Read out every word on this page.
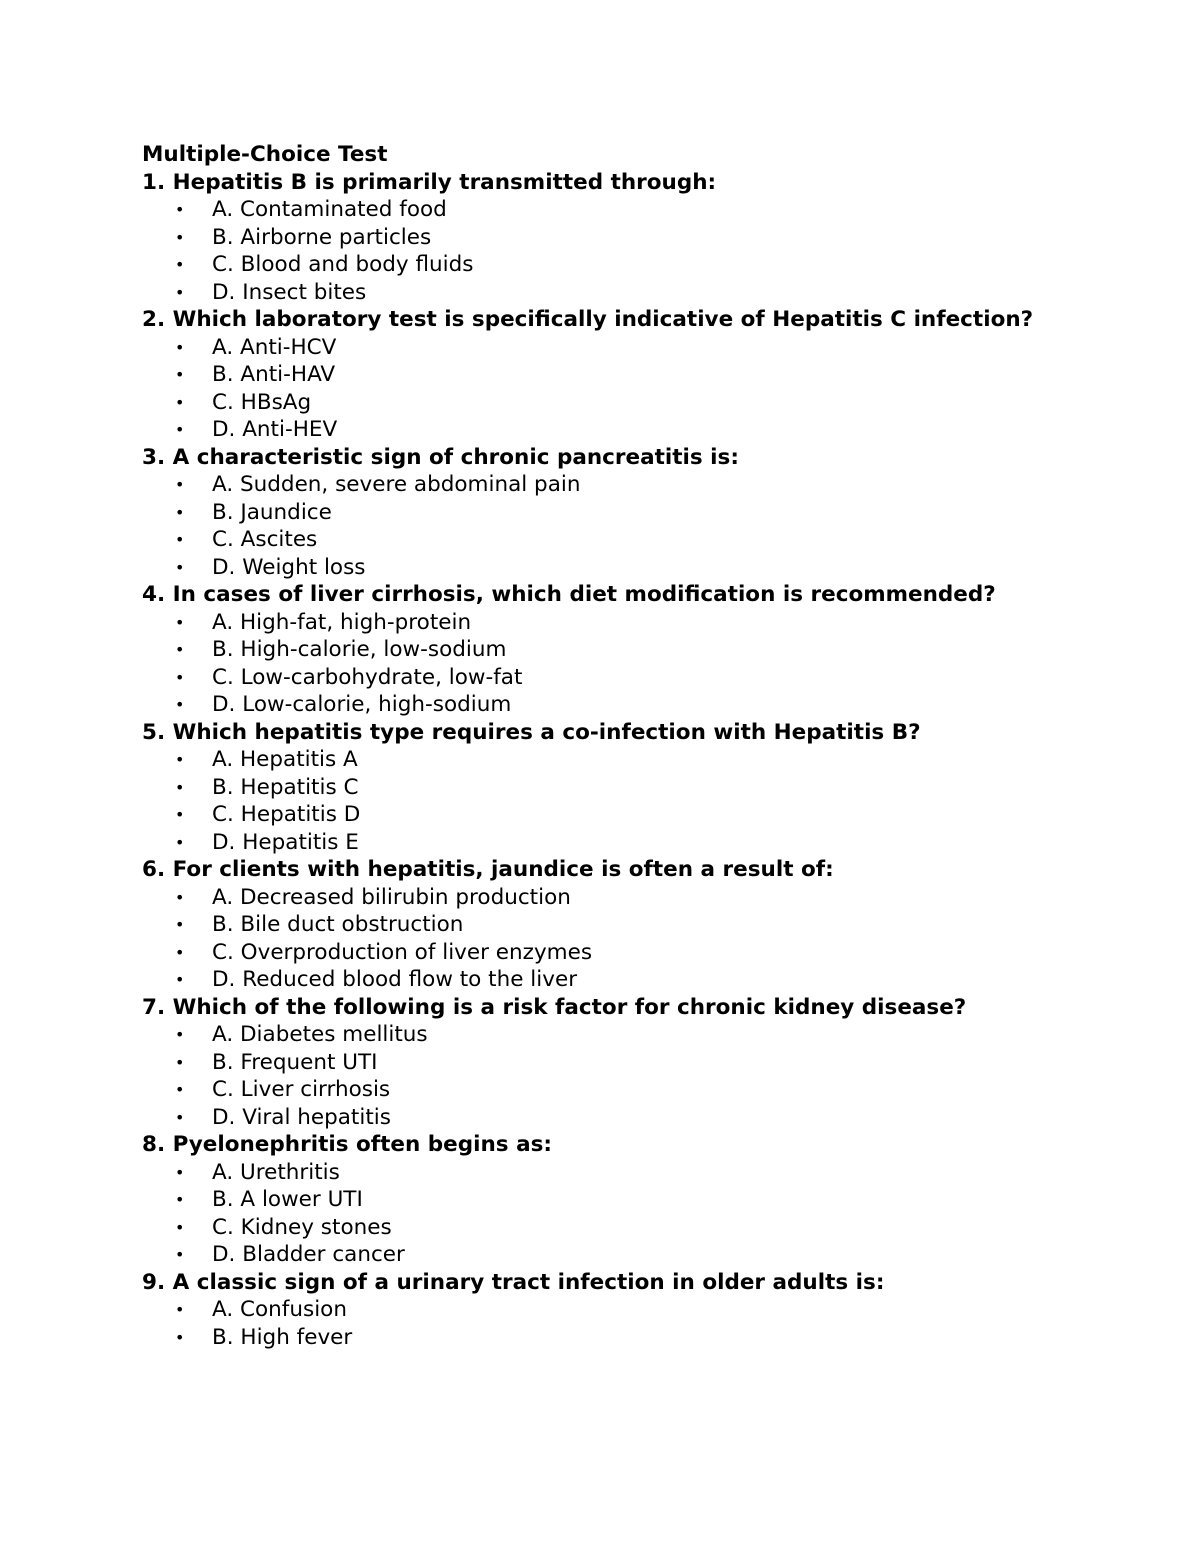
Multiple-Choice Test

1. Hepatitis B is primarily transmitted through:

• A. Contaminated food
• B. Airborne particles
• C. Blood and body fluids
• D. Insect bites

2. Which laboratory test is specifically indicative of Hepatitis C infection?

• A. Anti-HCV
• B. Anti-HAV
• C. HBsAg
• D. Anti-HEV

3. A characteristic sign of chronic pancreatitis is:

• A. Sudden, severe abdominal pain
• B. Jaundice
• C. Ascites
• D. Weight loss

4. In cases of liver cirrhosis, which diet modification is recommended?

• A. High-fat, high-protein
• B. High-calorie, low-sodium
• C. Low-carbohydrate, low-fat
• D. Low-calorie, high-sodium

5. Which hepatitis type requires a co-infection with Hepatitis B?

• A. Hepatitis A
• B. Hepatitis C
• C. Hepatitis D
• D. Hepatitis E

6. For clients with hepatitis, jaundice is often a result of:

• A. Decreased bilirubin production
• B. Bile duct obstruction
• C. Overproduction of liver enzymes
• D. Reduced blood flow to the liver

7. Which of the following is a risk factor for chronic kidney disease?

• A. Diabetes mellitus
• B. Frequent UTI
• C. Liver cirrhosis
• D. Viral hepatitis

8. Pyelonephritis often begins as:

• A. Urethritis
• B. A lower UTI
• C. Kidney stones
• D. Bladder cancer

9. A classic sign of a urinary tract infection in older adults is:

• A. Confusion
• B. High fever
